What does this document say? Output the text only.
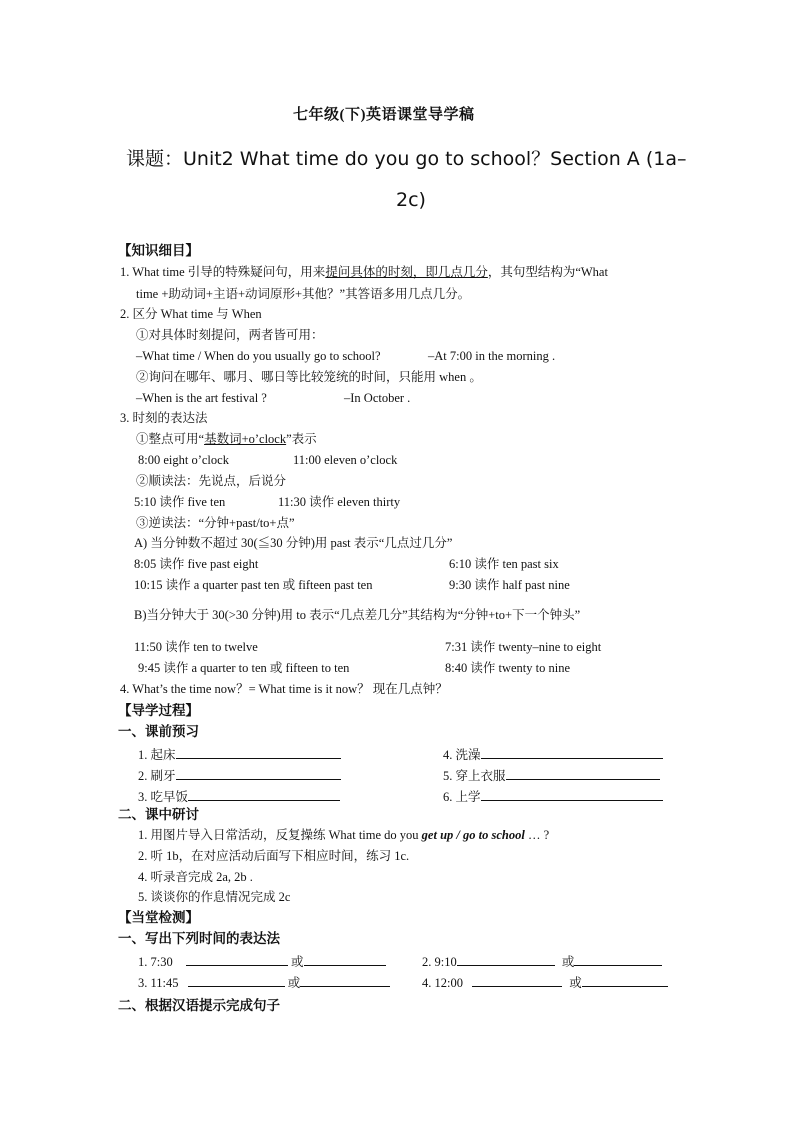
七年级(下)英语课堂导学稿
课题：Unit2 What time do you go to school？Section A (1a–
2c)
【知识细目】
1. What time 引导的特殊疑问句，用来提问具体的时刻，即几点几分，其句型结构为“What
time +助动词+主语+动词原形+其他？”其答语多用几点几分。
2. 区分 What time 与 When
①对具体时刻提问，两者皆可用：
–What time / When do you usually go to school?	–At 7:00 in the morning .
②询问在哪年、哪月、哪日等比较笼统的时间，只能用 when 。
–When is the art festival ?	–In October .
3. 时刻的表达法
①整点可用“基数词+o’clock”表示
8:00 eight o’clock	11:00 eleven o’clock
②顺读法：先说点，后说分
5:10 读作 five ten	11:30 读作 eleven thirty
③逆读法：“分钟+past/to+点”
A) 当分钟数不超过 30(≦30 分钟)用 past 表示“几点过几分”
8:05 读作 five past eight	6:10 读作 ten past six
10:15 读作 a quarter past ten 或 fifteen past ten	9:30 读作 half past nine
B)当分钟大于 30(>30 分钟)用 to 表示“几点差几分”其结构为“分钟+to+下一个钟头”
11:50 读作 ten to twelve	7:31 读作 twenty–nine to eight
9:45 读作 a quarter to ten 或 fifteen to ten	8:40 读作 twenty to nine
4. What’s the time now？= What time is it now？ 现在几点钟？
【导学过程】
一、课前预习
1. 起床	4. 洗澡
2. 刷牙	5. 穿上衣服
3. 吃早饭	6. 上学
二、课中研讨
1. 用图片导入日常活动，反复操练 What time do you get up / go to school … ?
2. 听 1b，在对应活动后面写下相应时间，练习 1c.
4. 听录音完成 2a, 2b .
5. 谈谈你的作息情况完成 2c
【当堂检测】
一、写出下列时间的表达法
1. 7:30	或	2. 9:10	或
3. 11:45	或	4. 12:00	或
二、根据汉语提示完成句子
